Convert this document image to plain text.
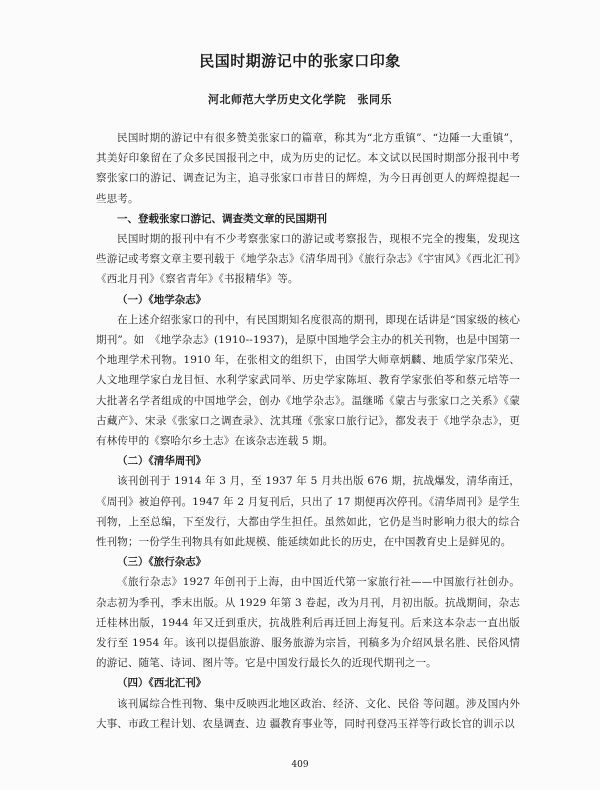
民国时期游记中的张家口印象
河北师范大学历史文化学院　张同乐

民国时期的游记中有很多赞美张家口的篇章，称其为“北方重镇”、“边陲一大重镇”，其美好印象留在了众多民国报刊之中，成为历史的记忆。本文试以民国时期部分报刊中考察张家口的游记、调查记为主，追寻张家口市昔日的辉煌，为今日再创更人的辉煌提起一些思考。

一、登载张家口游记、调查类文章的民国期刊

民国时期的报刊中有不少考察张家口的游记或考察报告，现根不完全的搜集，发现这些游记或考察文章主要刊载于《地学杂志》《清华周刊》《旅行杂志》《宇宙风》《西北汇刊》《西北月刊》《察省青年》《书报精华》等。

（一）《地学杂志》

在上述介绍张家口的刊中，有民国期知名度很高的期刊，即现在话讲是“国家级的核心期刊”。如　《地学杂志》(1910--1937)，是原中国地学会主办的机关刊物，也是中国第一个地理学术刊物。1910 年，在张相文的组织下，由国学大师章炳麟、地质学家邝荣光、人文地理学家白龙目恒、水利学家武同举、历史学家陈垣、教育学家张伯苓和蔡元培等一大批著名学者组成的中国地学会，创办《地学杂志》。温继晞《蒙古与张家口之关系》《蒙古藏产》、宋录《张家口之调查录》、沈其瑾《张家口旅行记》，都发表于《地学杂志》，更有林传甲的《察哈尔乡土志》在该杂志连载 5 期。

（二）《清华周刊》

该刊创刊于 1914 年 3 月，至 1937 年 5 月共出版 676 期，抗战爆发，清华南迁，《周刊》被迫停刊。1947 年 2 月复刊后，只出了 17 期便再次停刊。《清华周刊》是学生刊物，上至总编，下至发行，大都由学生担任。虽然如此，它仍是当时影响力很大的综合性刊物；一份学生刊物具有如此规模、能延续如此长的历史，在中国教育史上是鲜见的。

（三）《旅行杂志》

《旅行杂志》1927 年创刊于上海，由中国近代第一家旅行社——中国旅行社创办。杂志初为季刊，季末出版。从 1929 年第 3 卷起，改为月刊，月初出版。抗战期间，杂志迁桂林出版，1944 年又迁到重庆，抗战胜利后再迁回上海复刊。后来这本杂志一直出版发行至 1954 年。该刊以提倡旅游、服务旅游为宗旨，刊稿多为介绍风景名胜、民俗风情的游记、随笔、诗词、图片等。它是中国发行最长久的近现代期刊之一。

（四）《西北汇刊》

该刊属综合性刊物、集中反映西北地区政治、经济、文化、民俗 等问题。涉及国内外大事、市政工程计划、农垦调查、边 疆教育事业等，同时刊登冯玉祥等行政长官的训示以

409
